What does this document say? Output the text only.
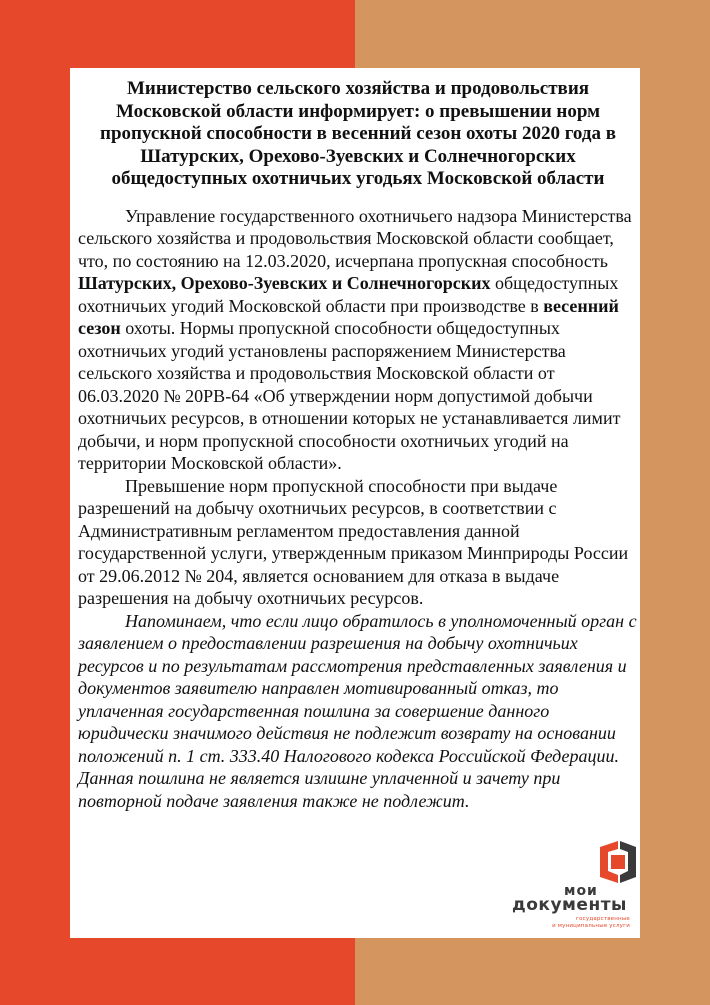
Министерство сельского хозяйства и продовольствия Московской области информирует: о превышении норм пропускной способности в весенний сезон охоты 2020 года в Шатурских, Орехово-Зуевских и Солнечногорских общедоступных охотничьих угодьях Московской области

Управление государственного охотничьего надзора Министерства сельского хозяйства и продовольствия Московской области сообщает, что, по состоянию на 12.03.2020, исчерпана пропускная способность Шатурских, Орехово-Зуевских и Солнечногорских общедоступных охотничьих угодий Московской области при производстве в весенний сезон охоты. Нормы пропускной способности общедоступных охотничьих угодий установлены распоряжением Министерства сельского хозяйства и продовольствия Московской области от 06.03.2020 № 20РВ-64 «Об утверждении норм допустимой добычи охотничьих ресурсов, в отношении которых не устанавливается лимит добычи, и норм пропускной способности охотничьих угодий на территории Московской области».

Превышение норм пропускной способности при выдаче разрешений на добычу охотничьих ресурсов, в соответствии с Административным регламентом предоставления данной государственной услуги, утвержденным приказом Минприроды России от 29.06.2012 № 204, является основанием для отказа в выдаче разрешения на добычу охотничьих ресурсов.

Напоминаем, что если лицо обратилось в уполномоченный орган с заявлением о предоставлении разрешения на добычу охотничьих ресурсов и по результатам рассмотрения представленных заявления и документов заявителю направлен мотивированный отказ, то уплаченная государственная пошлина за совершение данного юридически значимого действия не подлежит возврату на основании положений п. 1 ст. 333.40 Налогового кодекса Российской Федерации. Данная пошлина не является излишне уплаченной и зачету при повторной подаче заявления также не подлежит.

мои
документы
государственные
и муниципальные услуги
